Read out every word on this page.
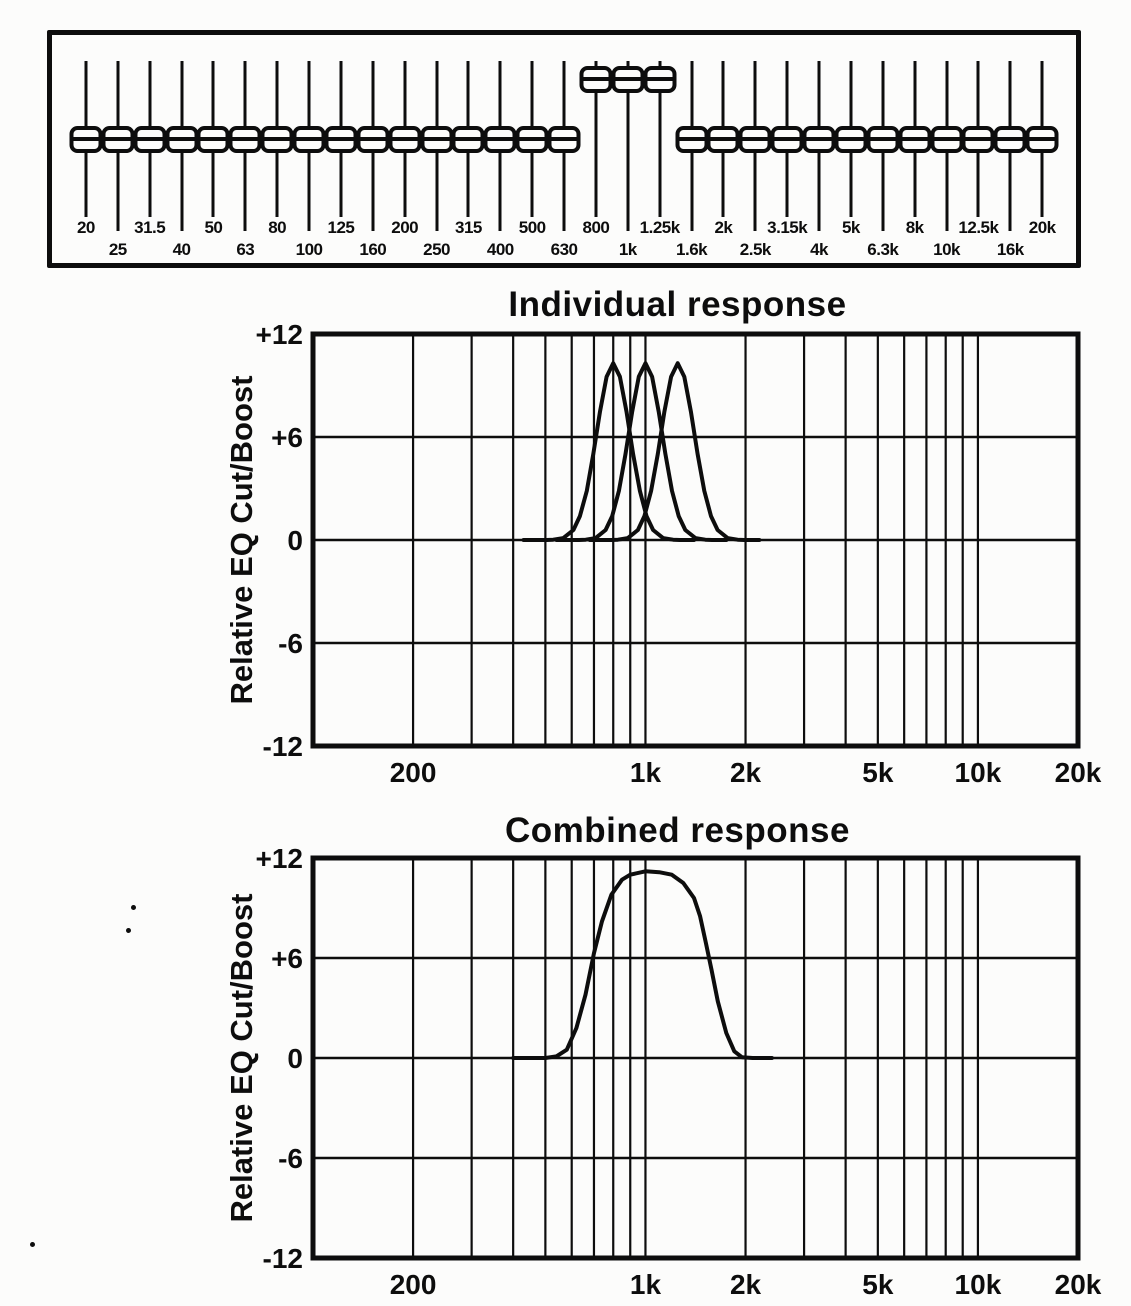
20
25
31.5
40
50
63
80
100
125
160
200
250
315
400
500
630
800
1k
1.25k
1.6k
2k
2.5k
3.15k
4k
5k
6.3k
8k
10k
12.5k
16k
20k
+12
+6
0
-6
-12
200	1k 2k	5k 10k 20k
Individual response
Relative EQ Cut/Boost
+12
+6
0
-6
-12
200	1k 2k	5k 10k 20k
Combined response
Relative EQ Cut/Boost
